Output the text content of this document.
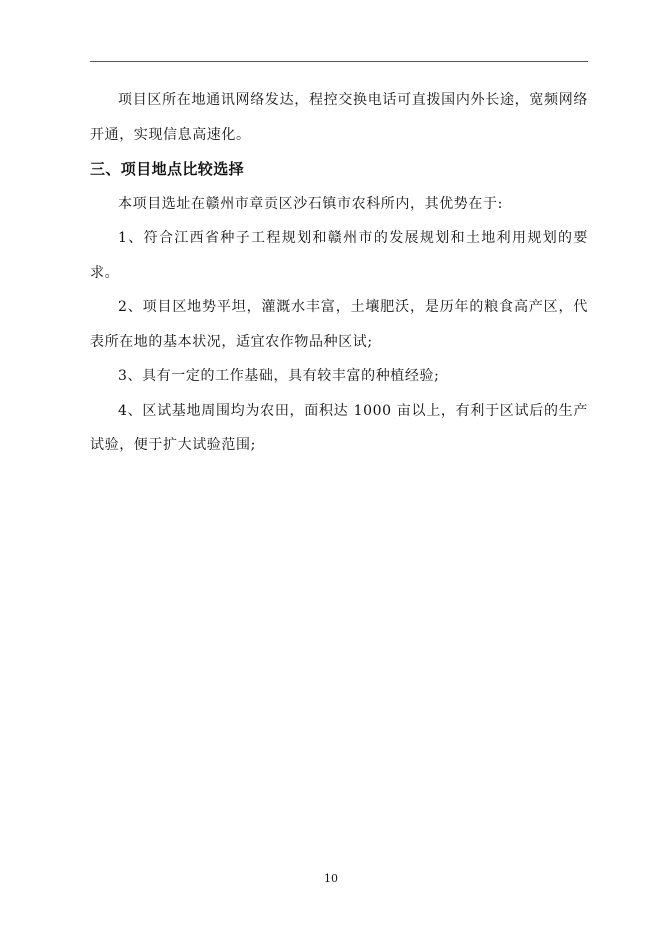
项目区所在地通讯网络发达，程控交换电话可直拨国内外长途，宽频网络开通，实现信息高速化。

三、项目地点比较选择

本项目选址在赣州市章贡区沙石镇市农科所内，其优势在于:

1、符合江西省种子工程规划和赣州市的发展规划和土地利用规划的要求。

2、项目区地势平坦，灌溉水丰富，土壤肥沃，是历年的粮食高产区，代表所在地的基本状况，适宜农作物品种区试;

3、具有一定的工作基础，具有较丰富的种植经验;

4、区试基地周围均为农田，面积达 1000 亩以上，有利于区试后的生产试验，便于扩大试验范围;

10
